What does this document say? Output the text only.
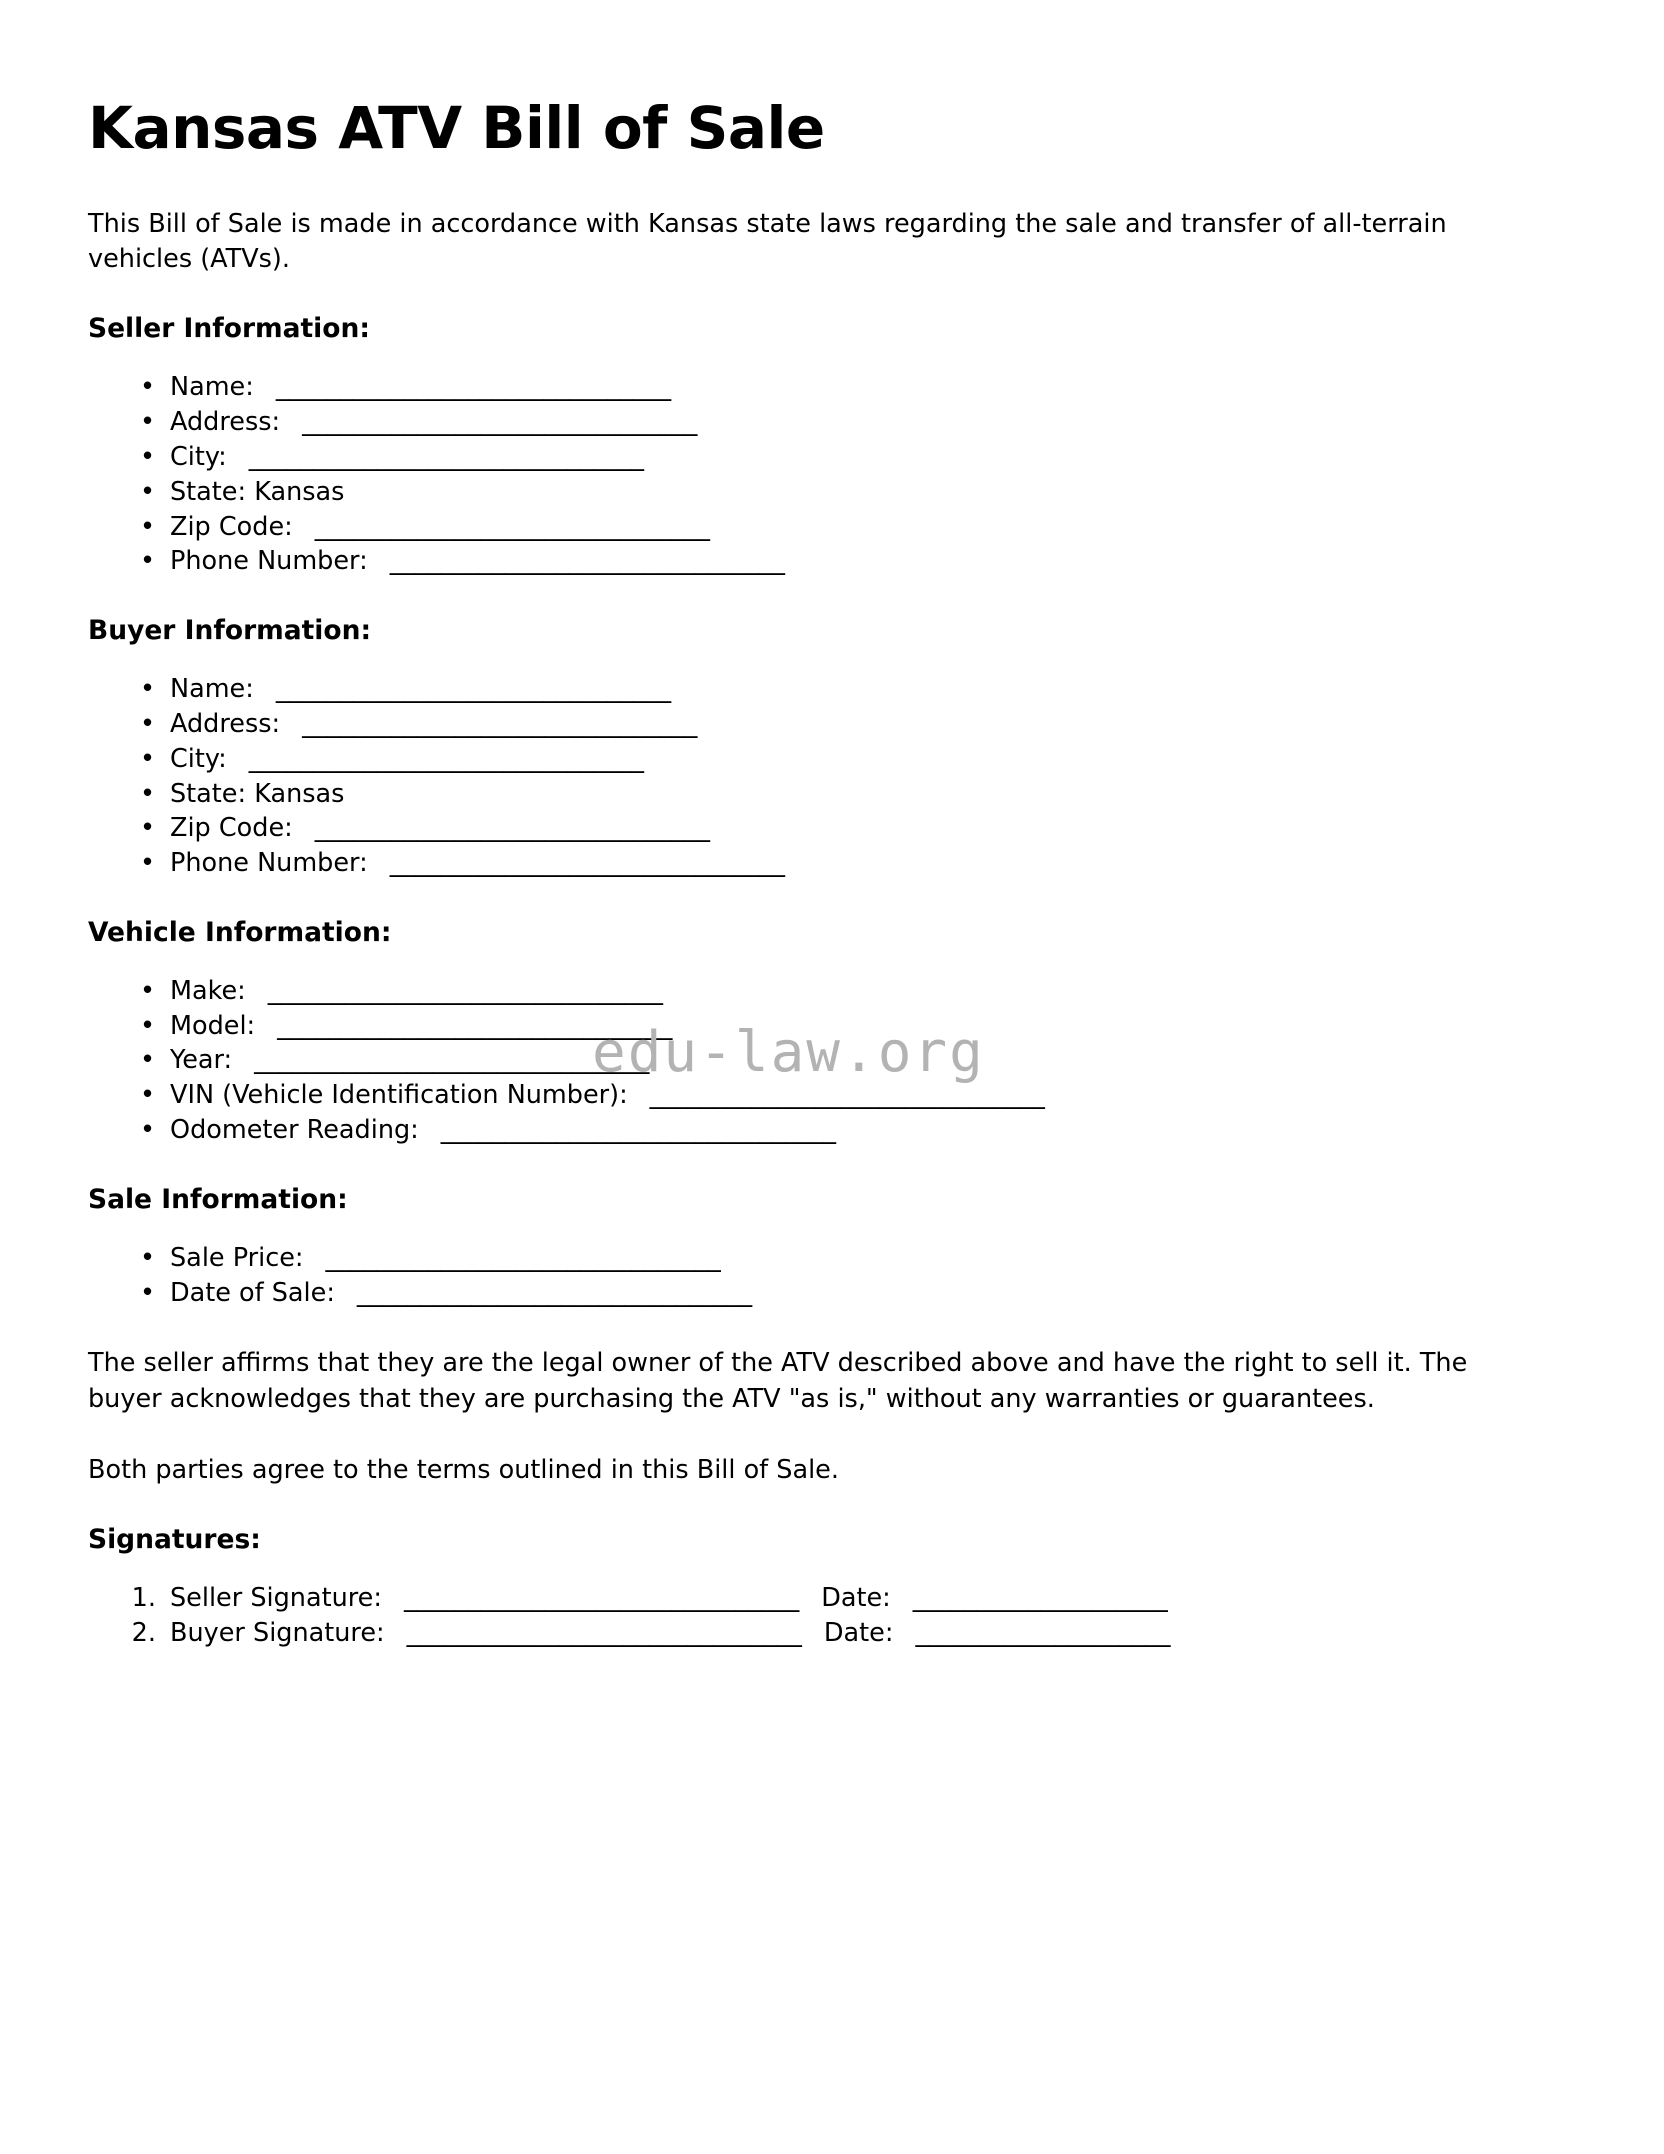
Kansas ATV Bill of Sale

This Bill of Sale is made in accordance with Kansas state laws regarding the sale and transfer of all-terrain vehicles (ATVs).

Seller Information:
• Name: _______________________________
• Address: _______________________________
• City: _______________________________
• State: Kansas
• Zip Code: _______________________________
• Phone Number: _______________________________
Buyer Information:
• Name: _______________________________
• Address: _______________________________
• City: _______________________________
• State: Kansas
• Zip Code: _______________________________
• Phone Number: _______________________________
Vehicle Information:
• Make: _______________________________
• Model: _______________________________
• Year: _______________________________
• VIN (Vehicle Identification Number): _______________________________
• Odometer Reading: _______________________________
Sale Information:
• Sale Price: _______________________________
• Date of Sale: _______________________________

The seller affirms that they are the legal owner of the ATV described above and have the right to sell it. The buyer acknowledges that they are purchasing the ATV "as is," without any warranties or guarantees.

Both parties agree to the terms outlined in this Bill of Sale.

Signatures:
Seller Signature: _______________________________ Date: ____________________
Buyer Signature: _______________________________ Date: ____________________
edu-law.org
